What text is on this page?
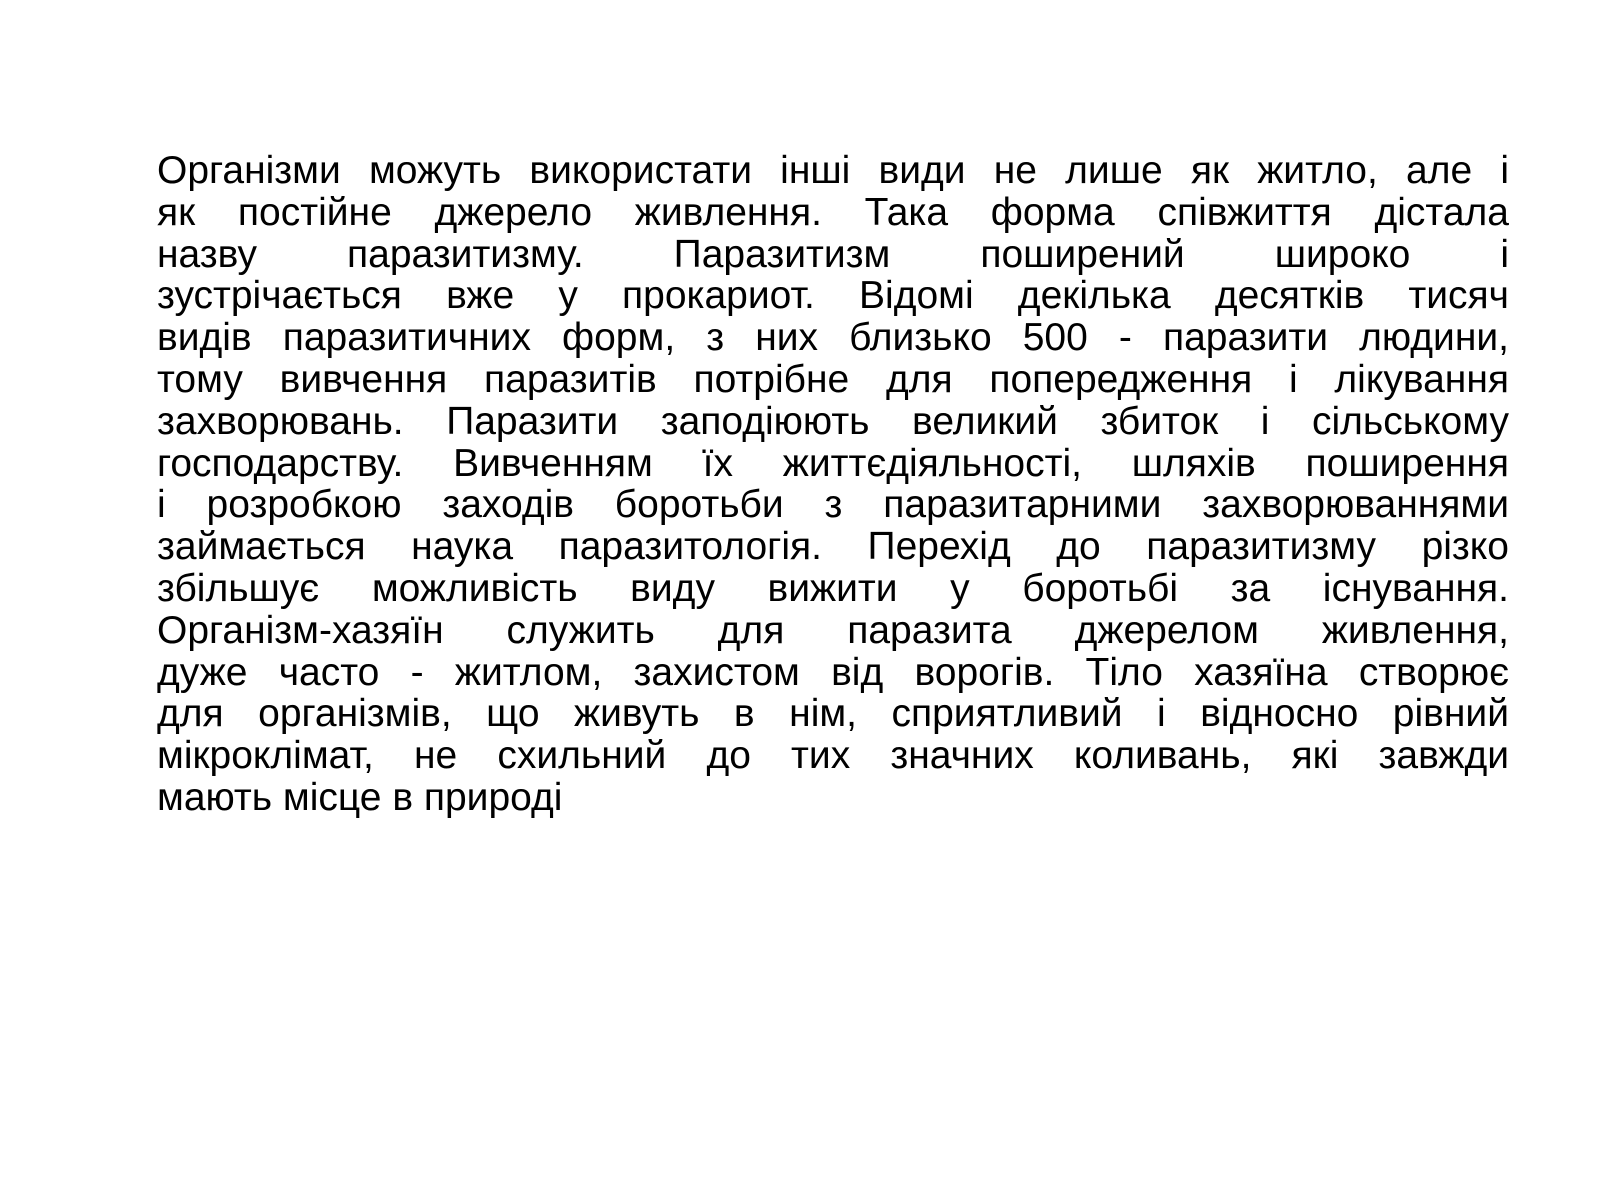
Організми можуть використати інші види не лише як житло, але і
як постійне джерело живлення. Така форма співжиття дістала
назву паразитизму. Паразитизм поширений широко і
зустрічається вже у прокариот. Відомі декілька десятків тисяч
видів паразитичних форм, з них близько 500 - паразити людини,
тому вивчення паразитів потрібне для попередження і лікування
захворювань. Паразити заподіюють великий збиток і сільському
господарству. Вивченням їх життєдіяльності, шляхів поширення
і розробкою заходів боротьби з паразитарними захворюваннями
займається наука паразитологія. Перехід до паразитизму різко
збільшує можливість виду вижити у боротьбі за існування.
Організм-хазяїн служить для паразита джерелом живлення,
дуже часто - житлом, захистом від ворогів. Тіло хазяїна створює
для організмів, що живуть в нім, сприятливий і відносно рівний
мікроклімат, не схильний до тих значних коливань, які завжди
мають місце в природі
